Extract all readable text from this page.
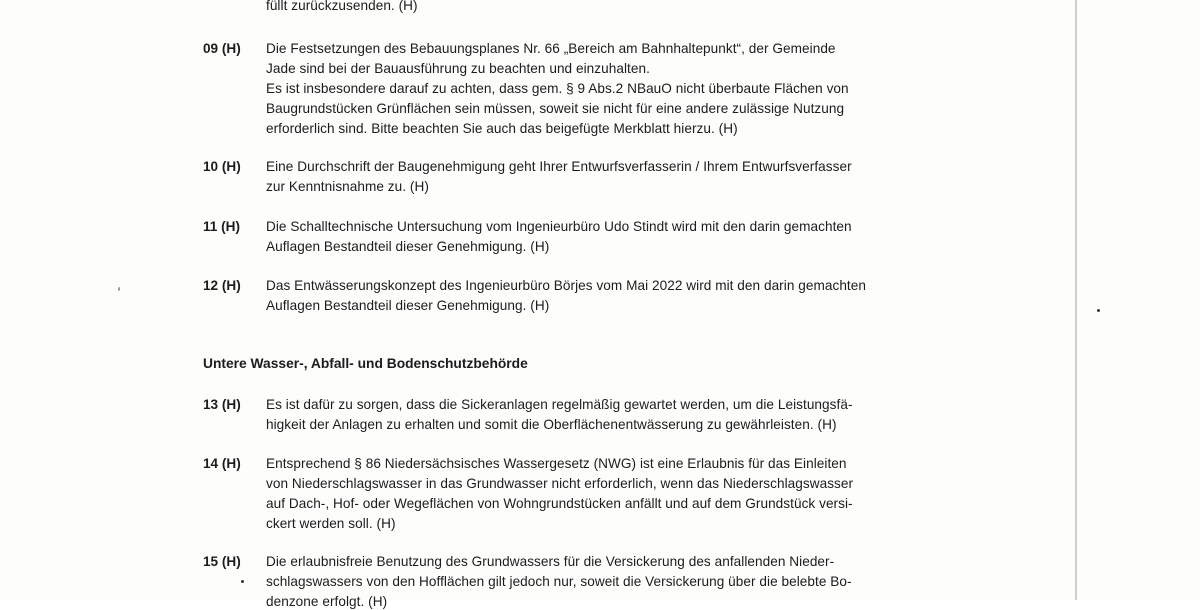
füllt zurückzusenden. (H)
09 (H) Die Festsetzungen des Bebauungsplanes Nr. 66 „Bereich am Bahnhaltepunkt“, der Gemeinde
Jade sind bei der Bauausführung zu beachten und einzuhalten.
Es ist insbesondere darauf zu achten, dass gem. § 9 Abs.2 NBauO nicht überbaute Flächen von
Baugrundstücken Grünflächen sein müssen, soweit sie nicht für eine andere zulässige Nutzung
erforderlich sind. Bitte beachten Sie auch das beigefügte Merkblatt hierzu. (H)
10 (H) Eine Durchschrift der Baugenehmigung geht Ihrer Entwurfsverfasserin / Ihrem Entwurfsverfasser
zur Kenntnisnahme zu. (H)
11 (H) Die Schalltechnische Untersuchung vom Ingenieurbüro Udo Stindt wird mit den darin gemachten
Auflagen Bestandteil dieser Genehmigung. (H)
12 (H) Das Entwässerungskonzept des Ingenieurbüro Börjes vom Mai 2022 wird mit den darin gemachten
Auflagen Bestandteil dieser Genehmigung. (H)
Untere Wasser-, Abfall- und Bodenschutzbehörde
13 (H) Es ist dafür zu sorgen, dass die Sickeranlagen regelmäßig gewartet werden, um die Leistungsfä-
higkeit der Anlagen zu erhalten und somit die Oberflächenentwässerung zu gewährleisten. (H)
14 (H) Entsprechend § 86 Niedersächsisches Wassergesetz (NWG) ist eine Erlaubnis für das Einleiten
von Niederschlagswasser in das Grundwasser nicht erforderlich, wenn das Niederschlagswasser
auf Dach-, Hof- oder Wegeflächen von Wohngrundstücken anfällt und auf dem Grundstück versi-
ckert werden soll. (H)
15 (H) Die erlaubnisfreie Benutzung des Grundwassers für die Versickerung des anfallenden Nieder-
schlagswassers von den Hofflächen gilt jedoch nur, soweit die Versickerung über die belebte Bo-
denzone erfolgt. (H)
